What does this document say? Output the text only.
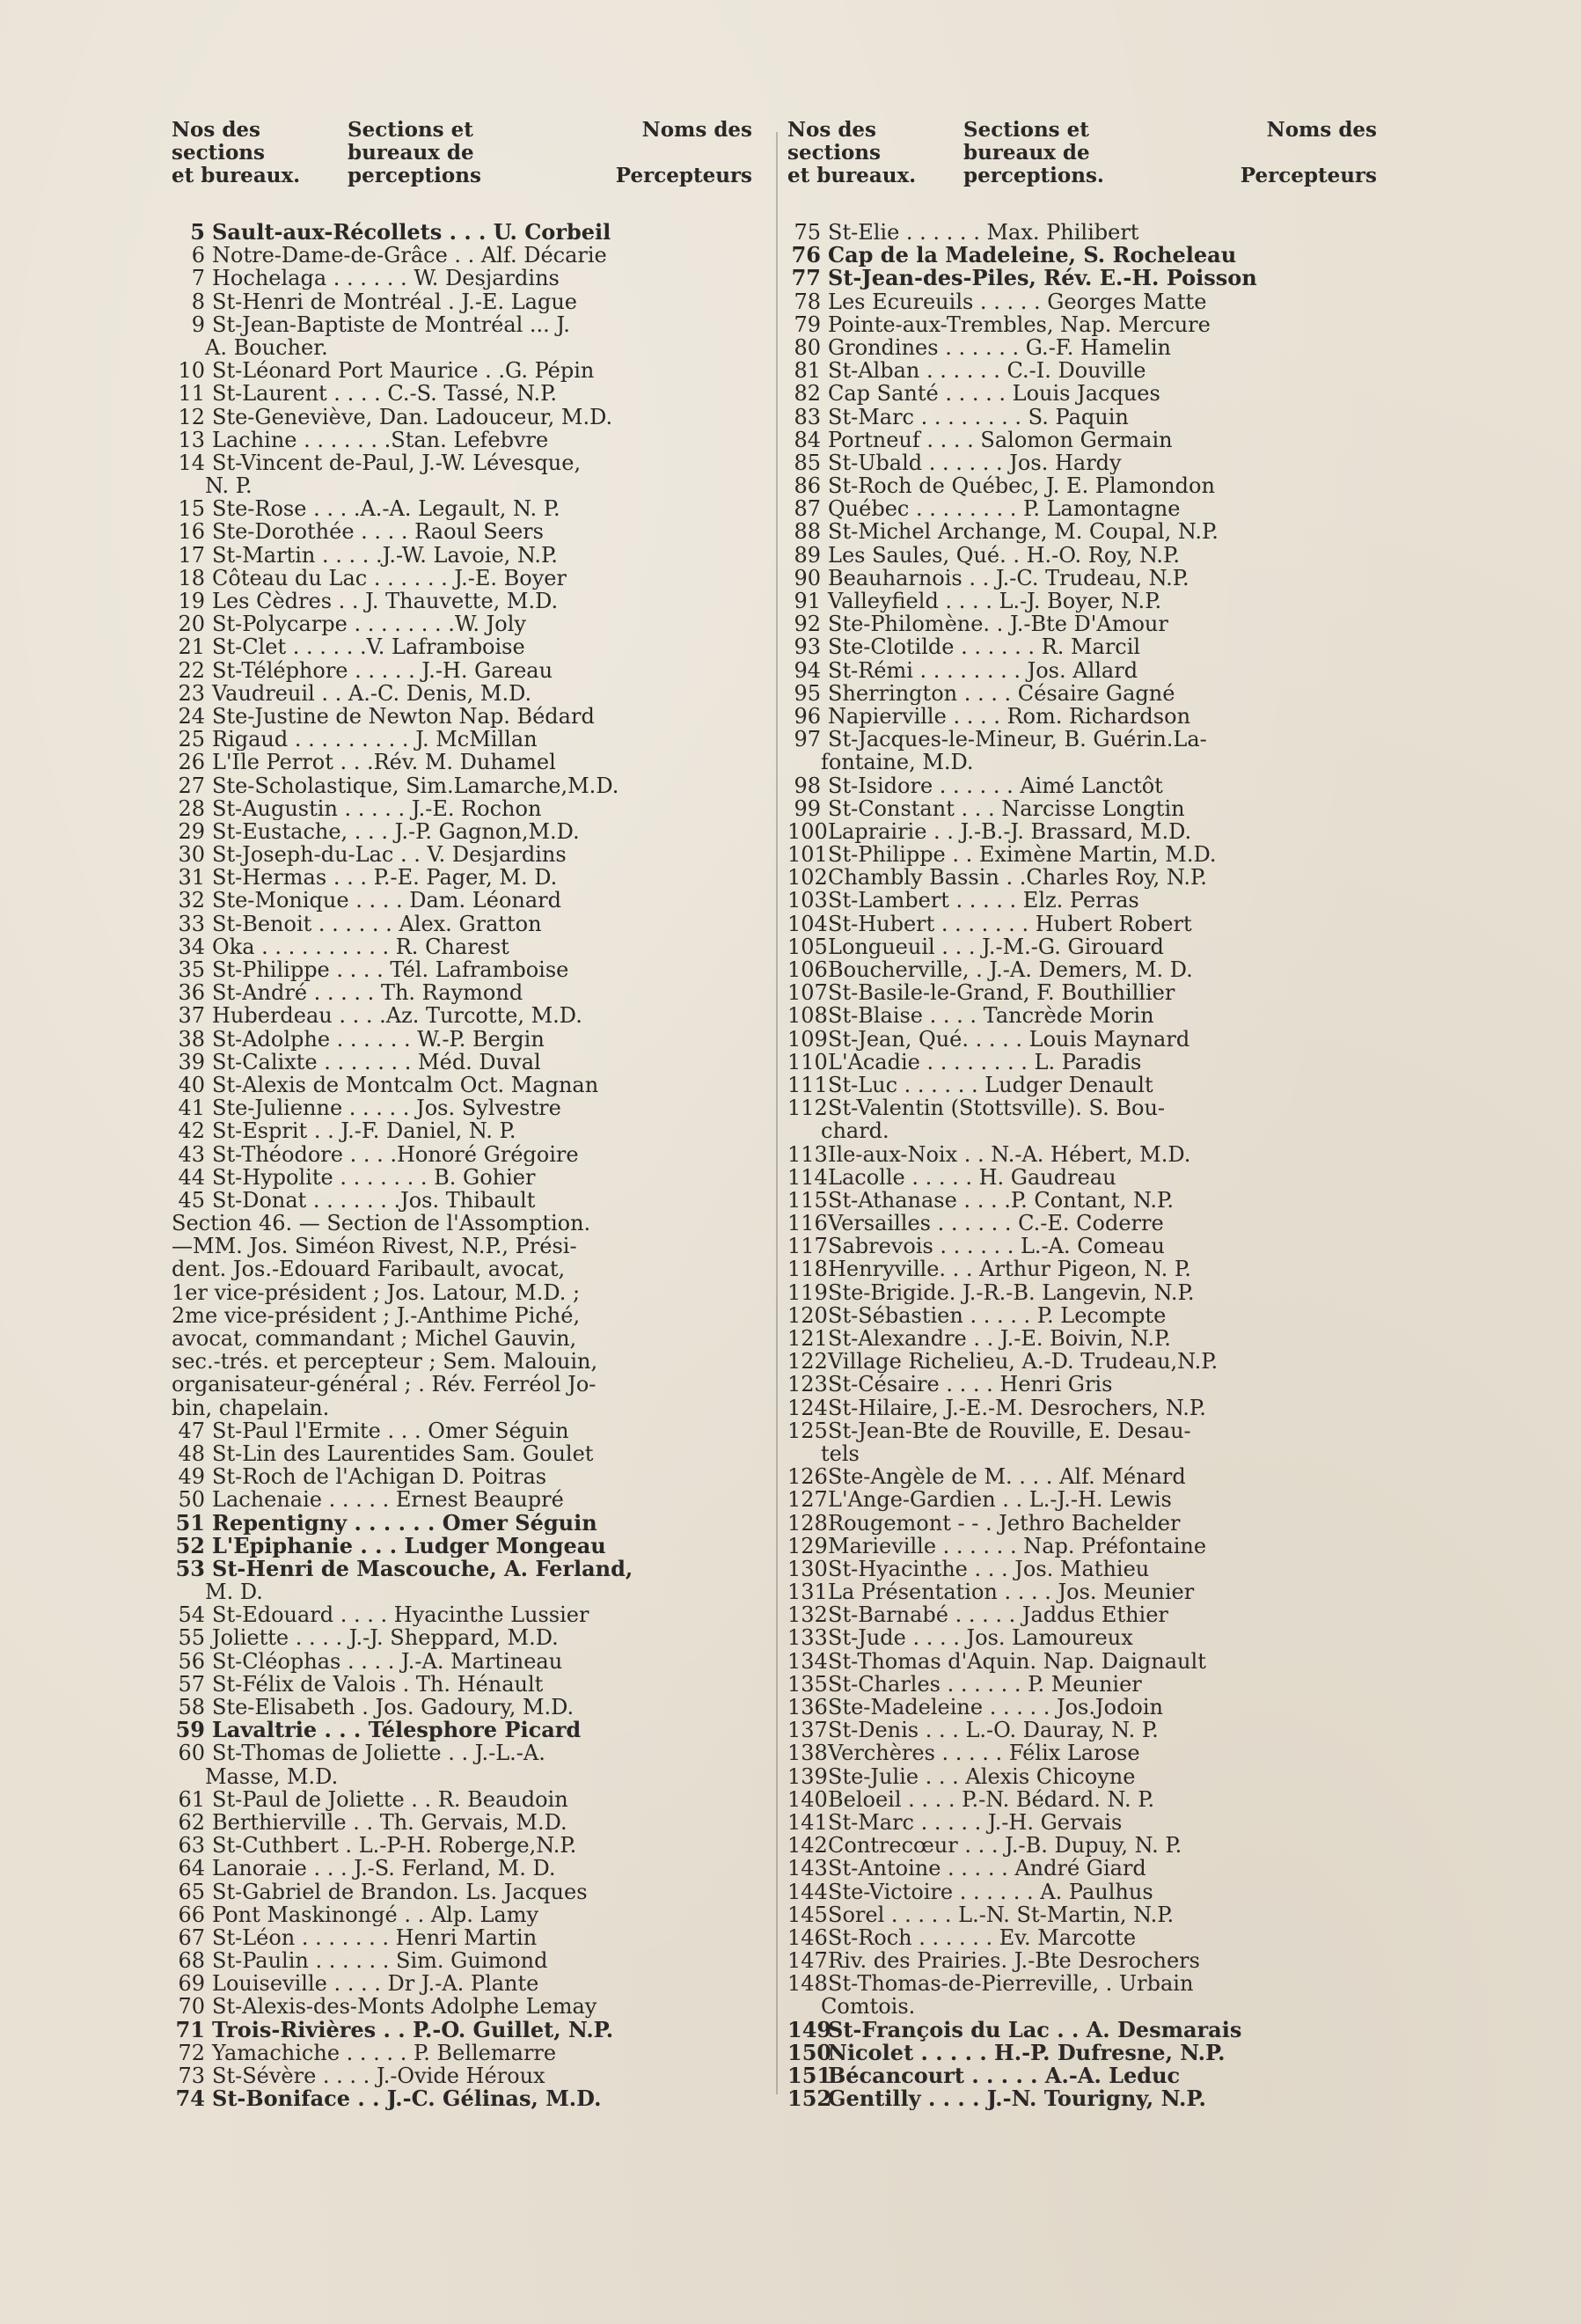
Nos des
sections
et bureaux.
Sections et
bureaux de
perceptions
Noms des

Percepteurs
5 Sault-aux-Récollets . . . U. Corbeil
6 Notre-Dame-de-Grâce . . Alf. Décarie
7 Hochelaga . . . . . . W. Desjardins
8 St-Henri de Montréal . J.-E. Lague
9 St-Jean-Baptiste de Montréal ... J.
A. Boucher.
10 St-Léonard Port Maurice . .G. Pépin
11 St-Laurent . . . . C.-S. Tassé, N.P.
12 Ste-Geneviève, Dan. Ladouceur, M.D.
13 Lachine . . . . . . .Stan. Lefebvre
14 St-Vincent de-Paul, J.-W. Lévesque,
N. P.
15 Ste-Rose . . . .A.-A. Legault, N. P.
16 Ste-Dorothée . . . . Raoul Seers
17 St-Martin . . . . .J.-W. Lavoie, N.P.
18 Côteau du Lac . . . . . . J.-E. Boyer
19 Les Cèdres . . J. Thauvette, M.D.
20 St-Polycarpe . . . . . . . .W. Joly
21 St-Clet . . . . . .V. Laframboise
22 St-Téléphore . . . . . J.-H. Gareau
23 Vaudreuil . . A.-C. Denis, M.D.
24 Ste-Justine de Newton Nap. Bédard
25 Rigaud . . . . . . . . . J. McMillan
26 L'Ile Perrot . . .Rév. M. Duhamel
27 Ste-Scholastique, Sim.Lamarche,M.D.
28 St-Augustin . . . . . J.-E. Rochon
29 St-Eustache, . . . J.-P. Gagnon,M.D.
30 St-Joseph-du-Lac . . V. Desjardins
31 St-Hermas . . . P.-E. Pager, M. D.
32 Ste-Monique . . . . Dam. Léonard
33 St-Benoit . . . . . . Alex. Gratton
34 Oka . . . . . . . . . . R. Charest
35 St-Philippe . . . . Tél. Laframboise
36 St-André . . . . . Th. Raymond
37 Huberdeau . . . .Az. Turcotte, M.D.
38 St-Adolphe . . . . . . W.-P. Bergin
39 St-Calixte . . . . . . . Méd. Duval
40 St-Alexis de Montcalm Oct. Magnan
41 Ste-Julienne . . . . . Jos. Sylvestre
42 St-Esprit . . J.-F. Daniel, N. P.
43 St-Théodore . . . .Honoré Grégoire
44 St-Hypolite . . . . . . . B. Gohier
45 St-Donat . . . . . . .Jos. Thibault
Section 46. — Section de l'Assomption.
—MM. Jos. Siméon Rivest, N.P., Prési-
dent. Jos.-Edouard Faribault, avocat,
1er vice-président ; Jos. Latour, M.D. ;
2me vice-président ; J.-Anthime Piché,
avocat, commandant ; Michel Gauvin,
sec.-trés. et percepteur ; Sem. Malouin,
organisateur-général ; . Rév. Ferréol Jo-
bin, chapelain.
47 St-Paul l'Ermite . . . Omer Séguin
48 St-Lin des Laurentides Sam. Goulet
49 St-Roch de l'Achigan D. Poitras
50 Lachenaie . . . . . Ernest Beaupré
51 Repentigny . . . . . . Omer Séguin
52 L'Epiphanie . . . Ludger Mongeau
53 St-Henri de Mascouche, A. Ferland,
M. D.
54 St-Edouard . . . . Hyacinthe Lussier
55 Joliette . . . . J.-J. Sheppard, M.D.
56 St-Cléophas . . . . J.-A. Martineau
57 St-Félix de Valois . Th. Hénault
58 Ste-Elisabeth . Jos. Gadoury, M.D.
59 Lavaltrie . . . Télesphore Picard
60 St-Thomas de Joliette . . J.-L.-A.
Masse, M.D.
61 St-Paul de Joliette . . R. Beaudoin
62 Berthierville . . Th. Gervais, M.D.
63 St-Cuthbert . L.-P-H. Roberge,N.P.
64 Lanoraie . . . J.-S. Ferland, M. D.
65 St-Gabriel de Brandon. Ls. Jacques
66 Pont Maskinongé . . Alp. Lamy
67 St-Léon . . . . . . . Henri Martin
68 St-Paulin . . . . . . Sim. Guimond
69 Louiseville . . . . Dr J.-A. Plante
70 St-Alexis-des-Monts Adolphe Lemay
71 Trois-Rivières . . P.-O. Guillet, N.P.
72 Yamachiche . . . . . P. Bellemarre
73 St-Sévère . . . . J.-Ovide Héroux
74 St-Boniface . . J.-C. Gélinas, M.D.
Nos des
sections
et bureaux.
Sections et
bureaux de
perceptions.
Noms des

Percepteurs
75 St-Elie . . . . . . Max. Philibert
76 Cap de la Madeleine, S. Rocheleau
77 St-Jean-des-Piles, Rév. E.-H. Poisson
78 Les Ecureuils . . . . . Georges Matte
79 Pointe-aux-Trembles, Nap. Mercure
80 Grondines . . . . . . G.-F. Hamelin
81 St-Alban . . . . . . C.-I. Douville
82 Cap Santé . . . . . Louis Jacques
83 St-Marc . . . . . . . . S. Paquin
84 Portneuf . . . . Salomon Germain
85 St-Ubald . . . . . . Jos. Hardy
86 St-Roch de Québec, J. E. Plamondon
87 Québec . . . . . . . . P. Lamontagne
88 St-Michel Archange, M. Coupal, N.P.
89 Les Saules, Qué. . H.-O. Roy, N.P.
90 Beauharnois . . J.-C. Trudeau, N.P.
91 Valleyfield . . . . L.-J. Boyer, N.P.
92 Ste-Philomène. . J.-Bte D'Amour
93 Ste-Clotilde . . . . . . R. Marcil
94 St-Rémi . . . . . . . . Jos. Allard
95 Sherrington . . . . Césaire Gagné
96 Napierville . . . . Rom. Richardson
97 St-Jacques-le-Mineur, B. Guérin.La-
fontaine, M.D.
98 St-Isidore . . . . . . Aimé Lanctôt
99 St-Constant . . . Narcisse Longtin
100Laprairie . . J.-B.-J. Brassard, M.D.
101St-Philippe . . Eximène Martin, M.D.
102Chambly Bassin . .Charles Roy, N.P.
103St-Lambert . . . . . Elz. Perras
104St-Hubert . . . . . . . Hubert Robert
105Longueuil . . . J.-M.-G. Girouard
106Boucherville, . J.-A. Demers, M. D.
107St-Basile-le-Grand, F. Bouthillier
108St-Blaise . . . . Tancrède Morin
109St-Jean, Qué. . . . . Louis Maynard
110L'Acadie . . . . . . . . L. Paradis
111St-Luc . . . . . . Ludger Denault
112St-Valentin (Stottsville). S. Bou-
chard.
113Ile-aux-Noix . . N.-A. Hébert, M.D.
114Lacolle . . . . . H. Gaudreau
115St-Athanase . . . .P. Contant, N.P.
116Versailles . . . . . . C.-E. Coderre
117Sabrevois . . . . . . L.-A. Comeau
118Henryville. . . Arthur Pigeon, N. P.
119Ste-Brigide. J.-R.-B. Langevin, N.P.
120St-Sébastien . . . . . P. Lecompte
121St-Alexandre . . J.-E. Boivin, N.P.
122Village Richelieu, A.-D. Trudeau,N.P.
123St-Césaire . . . . Henri Gris
124St-Hilaire, J.-E.-M. Desrochers, N.P.
125St-Jean-Bte de Rouville, E. Desau-
tels
126Ste-Angèle de M. . . . Alf. Ménard
127L'Ange-Gardien . . L.-J.-H. Lewis
128Rougemont - - . Jethro Bachelder
129Marieville . . . . . . Nap. Préfontaine
130St-Hyacinthe . . . Jos. Mathieu
131La Présentation . . . . Jos. Meunier
132St-Barnabé . . . . . Jaddus Ethier
133St-Jude . . . . Jos. Lamoureux
134St-Thomas d'Aquin. Nap. Daignault
135St-Charles . . . . . . P. Meunier
136Ste-Madeleine . . . . . Jos.Jodoin
137St-Denis . . . L.-O. Dauray, N. P.
138Verchères . . . . . Félix Larose
139Ste-Julie . . . Alexis Chicoyne
140Beloeil . . . . P.-N. Bédard. N. P.
141St-Marc . . . . . J.-H. Gervais
142Contrecœur . . . J.-B. Dupuy, N. P.
143St-Antoine . . . . . André Giard
144Ste-Victoire . . . . . . A. Paulhus
145Sorel . . . . . L.-N. St-Martin, N.P.
146St-Roch . . . . . . Ev. Marcotte
147Riv. des Prairies. J.-Bte Desrochers
148St-Thomas-de-Pierreville, . Urbain
Comtois.
149St-François du Lac . . A. Desmarais
150Nicolet . . . . . H.-P. Dufresne, N.P.
151Bécancourt . . . . . A.-A. Leduc
152Gentilly . . . . J.-N. Tourigny, N.P.
